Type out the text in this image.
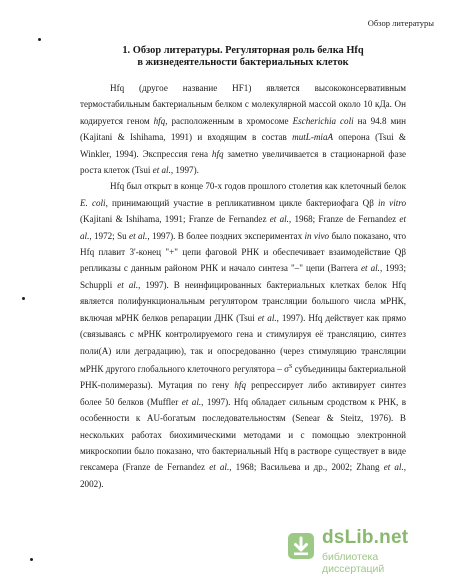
Обзор литературы
1. Обзор литературы. Регуляторная роль белка Hfq
в жизнедеятельности бактериальных клеток

Hfq (другое название HF1) является высококонсервативным термостабильным бактериальным белком с молекулярной массой около 10 кДа. Он кодируется геном hfq, расположенным в хромосоме Escherichia coli на 94.8 мин (Kajitani & Ishihama, 1991) и входящим в состав mutL-miaA оперона (Tsui & Winkler, 1994). Экспрессия гена hfq заметно увеличивается в стационарной фазе роста клеток (Tsui et al., 1997).

Hfq был открыт в конце 70-х годов прошлого столетия как клеточный белок E. coli, принимающий участие в репликативном цикле бактериофага Qβ in vitro (Kajitani & Ishihama, 1991; Franze de Fernandez et al., 1968; Franze de Fernandez et al., 1972; Su et al., 1997). В более поздних экспериментах in vivo было показано, что Hfq плавит 3'-конец "+" цепи фаговой РНК и обеспечивает взаимодействие Qβ репликазы с данным районом РНК и начало синтеза "–" цепи (Barrera et al., 1993; Schuppli et al., 1997). В неинфицированных бактериальных клетках белок Hfq является полифункциональным регулятором трансляции большого числа мРНК, включая мРНК белков репарации ДНК (Tsui et al., 1997). Hfq действует как прямо (связываясь с мРНК контролируемого гена и стимулируя её трансляцию, синтез поли(А) или деградацию), так и опосредованно (через стимуляцию трансляции мРНК другого глобального клеточного регулятора – $\sigma^S$ субъединицы бактериальной РНК-полимеразы). Мутация по гену hfq репрессирует либо активирует синтез более 50 белков (Muffler et al., 1997). Hfq обладает сильным сродством к РНК, в особенности к AU-богатым последовательностям (Senear & Steitz, 1976). В нескольких работах биохимическими методами и с помощью электронной микроскопии было показано, что бактериальный Hfq в растворе существует в виде гексамера (Franze de Fernandez et al., 1968; Васильева и др., 2002; Zhang et al., 2002).

dsLib.net
библиотека диссертаций
